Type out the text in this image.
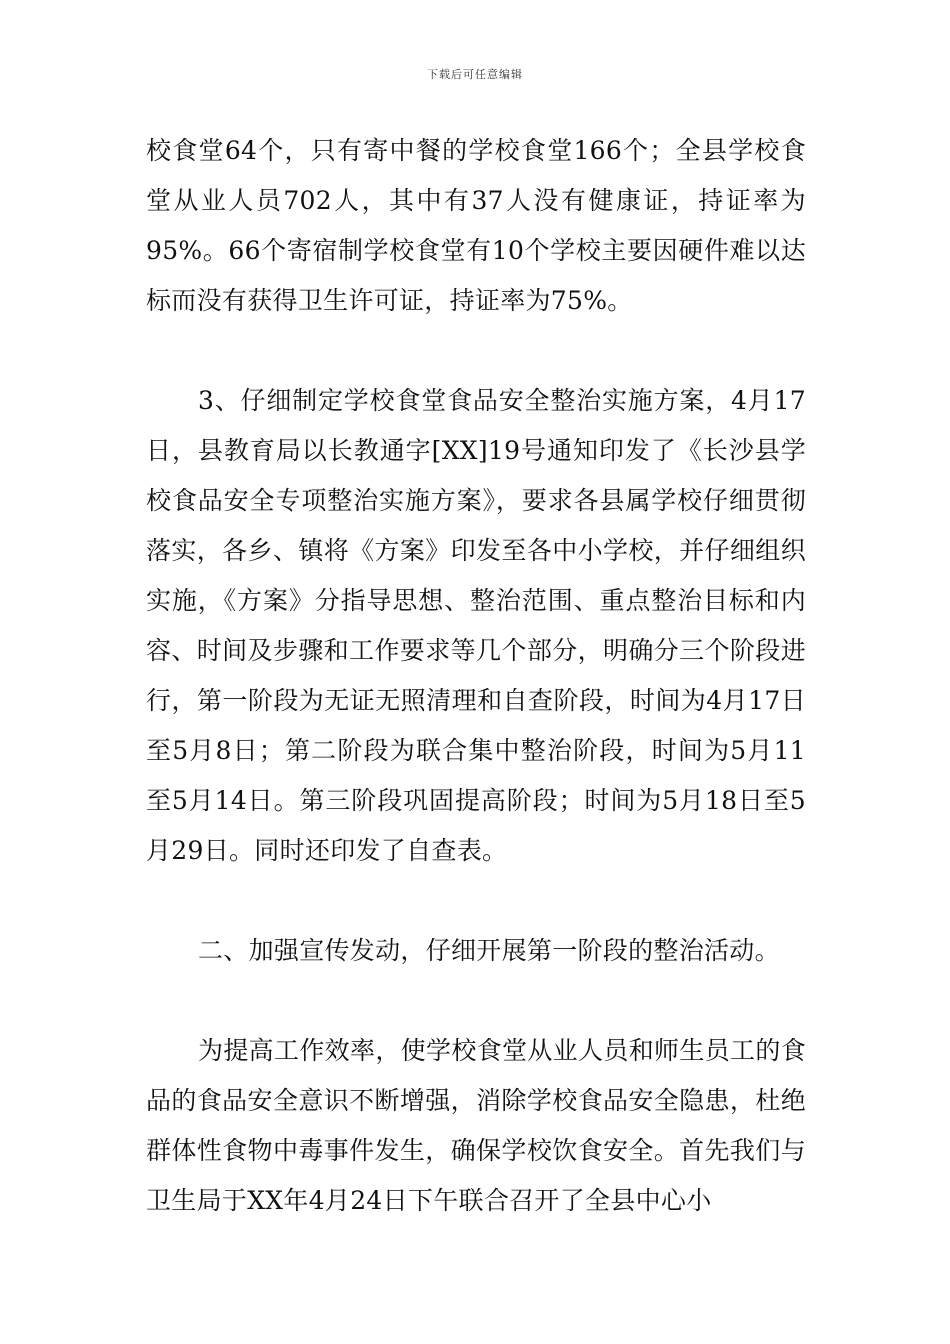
下载后可任意编辑

校食堂64个，只有寄中餐的学校食堂166个；全县学校食堂从业人员702人，其中有37人没有健康证，持证率为95%。66个寄宿制学校食堂有10个学校主要因硬件难以达标而没有获得卫生许可证，持证率为75%。

3、仔细制定学校食堂食品安全整治实施方案，4月17日，县教育局以长教通字[XX]19号通知印发了《长沙县学校食品安全专项整治实施方案》，要求各县属学校仔细贯彻落实，各乡、镇将《方案》印发至各中小学校，并仔细组织实施，《方案》分指导思想、整治范围、重点整治目标和内容、时间及步骤和工作要求等几个部分，明确分三个阶段进行，第一阶段为无证无照清理和自查阶段，时间为4月17日至5月8日；第二阶段为联合集中整治阶段，时间为5月11至5月14日。第三阶段巩固提高阶段；时间为5月18日至5月29日。同时还印发了自查表。

二、加强宣传发动，仔细开展第一阶段的整治活动。

为提高工作效率，使学校食堂从业人员和师生员工的食品的食品安全意识不断增强，消除学校食品安全隐患，杜绝群体性食物中毒事件发生，确保学校饮食安全。首先我们与卫生局于XX年4月24日下午联合召开了全县中心小
